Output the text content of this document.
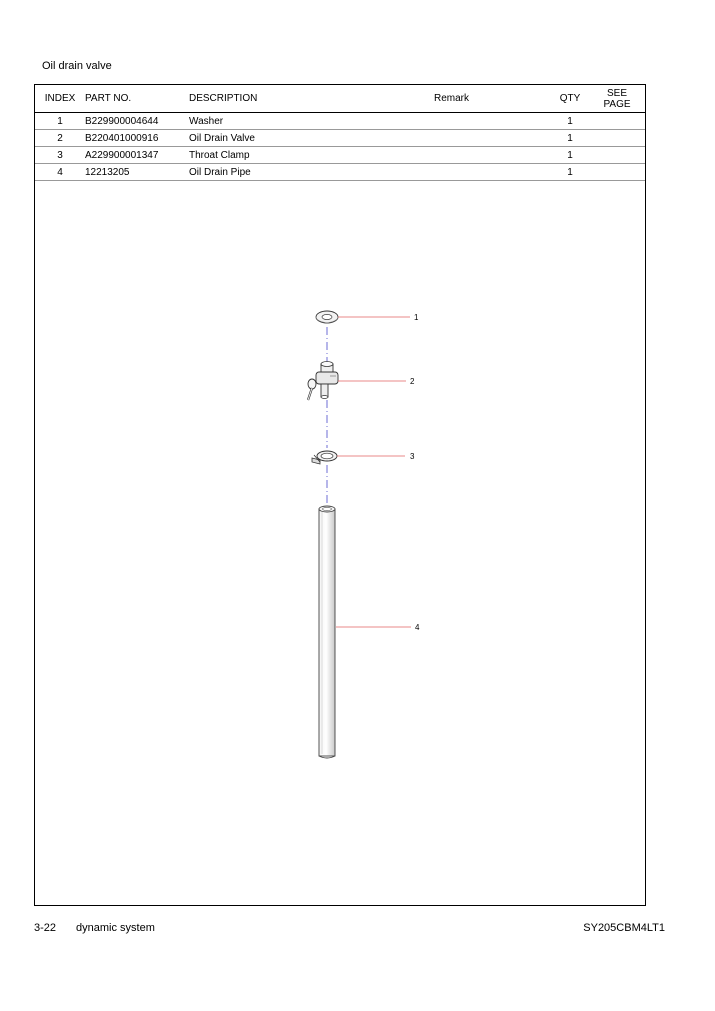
Oil drain valve
INDEX	PART NO.	DESCRIPTION	Remark	QTY	SEE
PAGE

1	B229900004644	Washer		1	
2	B220401000916	Oil Drain Valve		1	
3	A229900001347	Throat Clamp		1	
4	12213205	Oil Drain Pipe		1	
1
2
3
4
3-22 dynamic system	SY205CBM4LT1
